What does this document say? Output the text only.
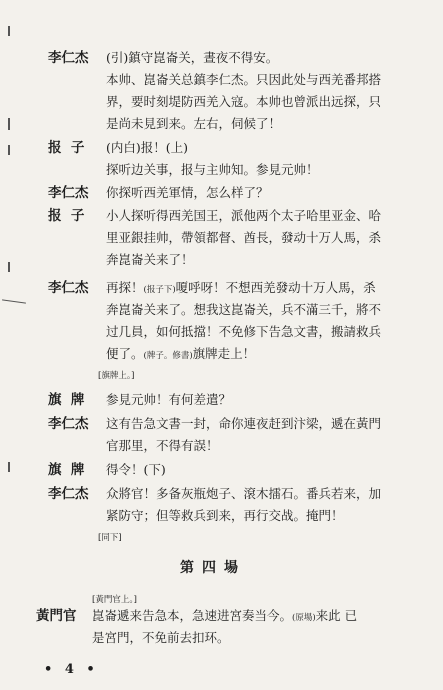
李仁杰 (引)鎮守崑崙关，晝夜不得安。
本帅、崑崙关总鎮李仁杰。只因此处与西羌番邦搭
界，要时刻堤防西羌入寇。本帅也曾派出远探，只
是尚未見到来。左右，伺候了！
报  子 (内白)报！(上)
探听边关事，报与主帅知。参見元帅！
李仁杰 你探听西羌軍情，怎么样了？
报  子 小人探听得西羌国王，派他两个太子哈里亚金、哈
里亚銀挂帅，帶領都督、酋長，發动十万人馬，杀
奔崑崙关来了！
李仁杰 再探！(报子下)嗄呼呀！不想西羌發动十万人馬，杀
奔崑崙关来了。想我这崑崙关，兵不滿三千，將不
过几員，如何抵擋！不免修下告急文書，搬請救兵
便了。(牌子。修書)旗牌走上！
[旗牌上。]
旗  牌 参見元帅！有何差遣？
李仁杰 这有告急文書一封，命你連夜赶到汴梁，遞在黃門
官那里，不得有誤！
旗  牌 得令！(下)
李仁杰 众將官！多备灰瓶炮子、滾木擂石。番兵若来，加
紧防守；但等救兵到来，再行交战。掩門！
[同下]
第四場
[黃門官上。]
黃門官 崑崙遞来告急本，急速进宮奏当今。(原場)来此 已
是宮門，不免前去扣环。
• 4 •
